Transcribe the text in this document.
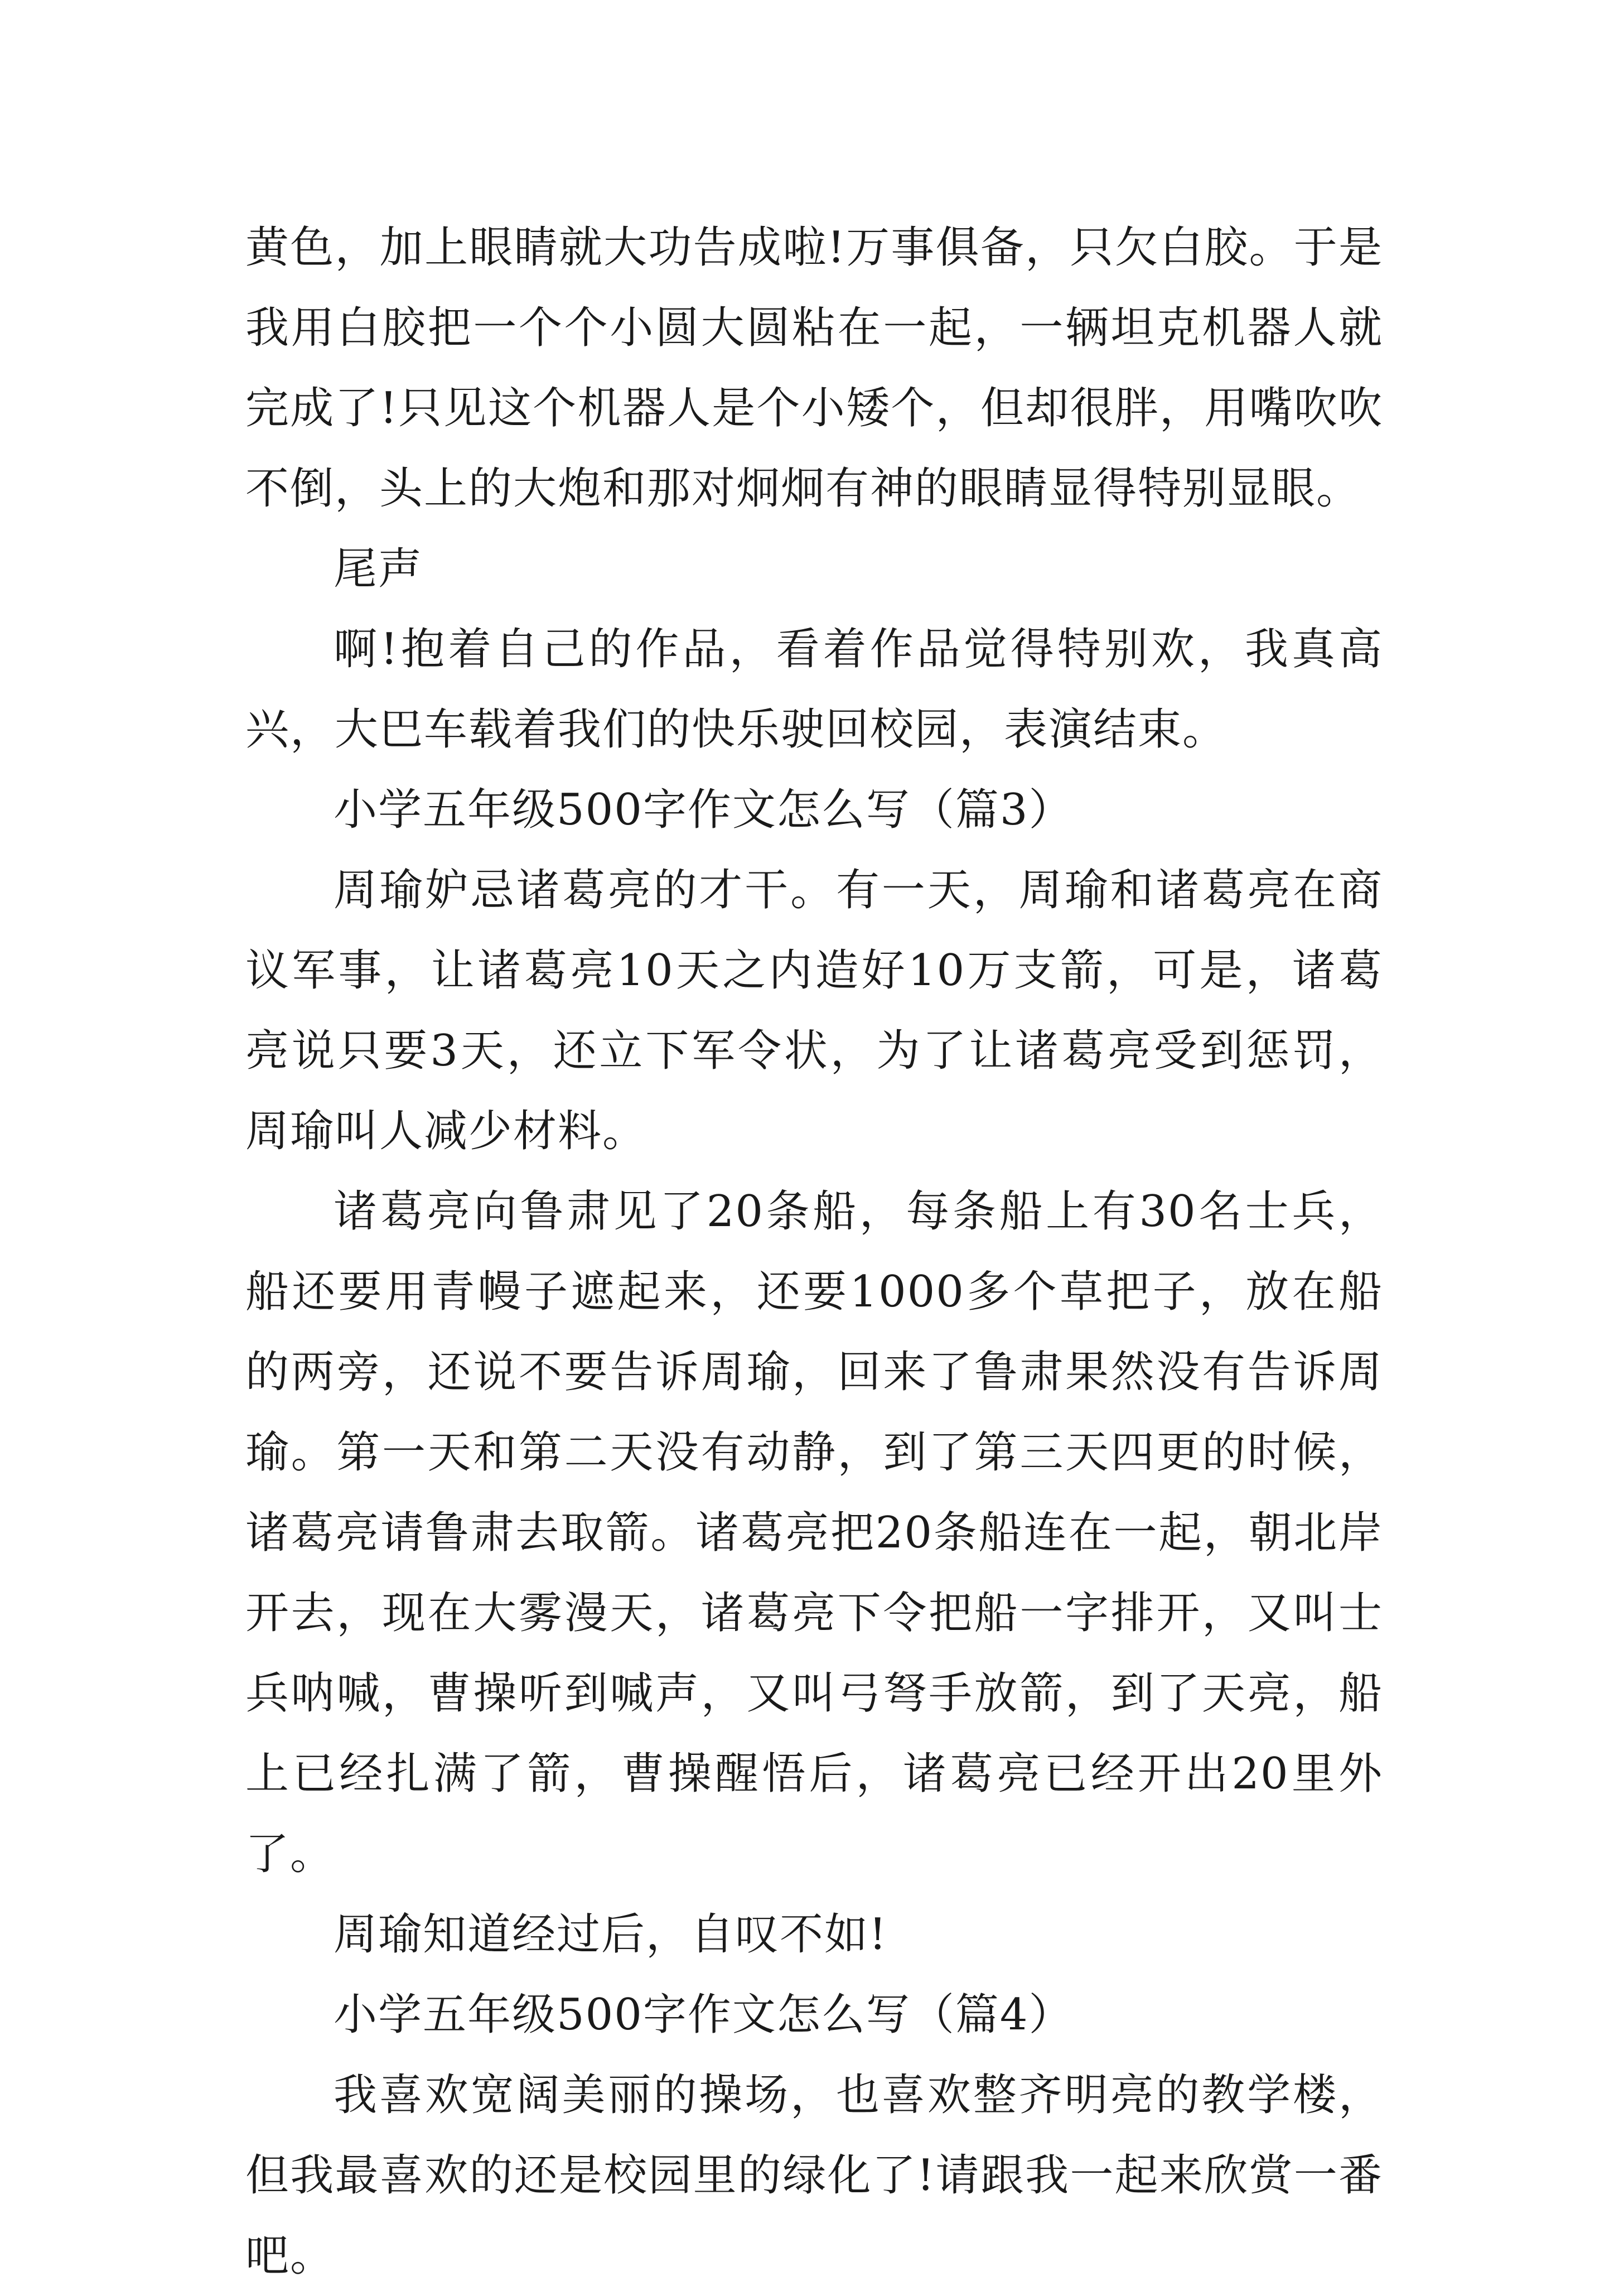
黄色，加上眼睛就大功告成啦!万事俱备，只欠白胶。于是我用白胶把一个个小圆大圆粘在一起，一辆坦克机器人就完成了!只见这个机器人是个小矮个，但却很胖，用嘴吹吹不倒，头上的大炮和那对炯炯有神的眼睛显得特别显眼。

尾声

啊!抱着自己的作品，看着作品觉得特别欢，我真高兴，大巴车载着我们的快乐驶回校园，表演结束。

小学五年级500字作文怎么写（篇3）

周瑜妒忌诸葛亮的才干。有一天，周瑜和诸葛亮在商议军事，让诸葛亮10天之内造好10万支箭，可是，诸葛亮说只要3天，还立下军令状，为了让诸葛亮受到惩罚，周瑜叫人减少材料。

诸葛亮向鲁肃见了20条船，每条船上有30名士兵，船还要用青幔子遮起来，还要1000多个草把子，放在船的两旁，还说不要告诉周瑜，回来了鲁肃果然没有告诉周瑜。第一天和第二天没有动静，到了第三天四更的时候，诸葛亮请鲁肃去取箭。诸葛亮把20条船连在一起，朝北岸开去，现在大雾漫天，诸葛亮下令把船一字排开，又叫士兵呐喊，曹操听到喊声，又叫弓弩手放箭，到了天亮，船上已经扎满了箭，曹操醒悟后，诸葛亮已经开出20里外了。

周瑜知道经过后，自叹不如!

小学五年级500字作文怎么写（篇4）

我喜欢宽阔美丽的操场，也喜欢整齐明亮的教学楼，但我最喜欢的还是校园里的绿化了!请跟我一起来欣赏一番吧。
